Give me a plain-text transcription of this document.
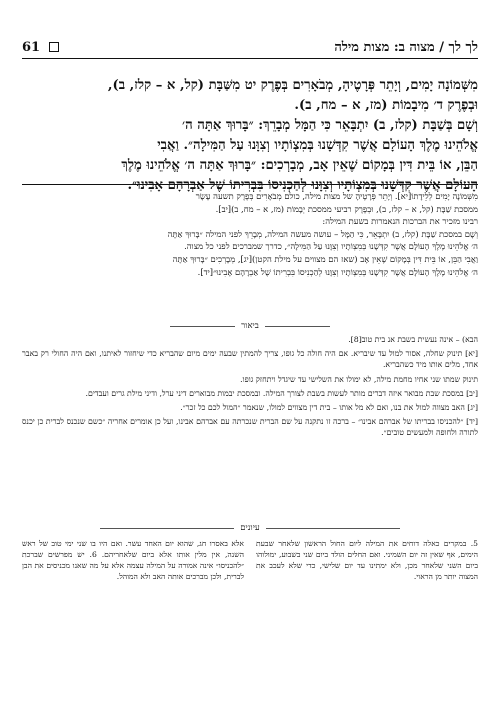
לך לך / מצוה ב: מצות מילה
61
מִשְּׁמוֹנָה יָמִים, וְיָתֵר פְּרָטֶיהָ, מְבֹאָרִים בְּפֶרֶק יט מִשַּׁבָּת (קל, א – קלז, ב),
וּבְפֶרֶק ד׳ מִיבָמוֹת (מז, א – מח, ב).
וְשָׁם בְּשַׁבָּת (קלז, ב) יִתְבָּאֵר כִּי הַמָּל מְבָרֵךְ: ״בָּרוּךְ אַתָּה ה׳
אֱלֹהֵינוּ מֶלֶךְ הָעוֹלָם אֲשֶׁר קִדְּשָׁנוּ בְּמִצְוֹתָיו וְצִוָּנוּ עַל הַמִּילָה״. וַאֲבִי
הַבֵּן, אוֹ בֵּית דִּין בְּמָקוֹם שֶׁאֵין אָב, מְבָרְכִים: ״בָּרוּךְ אַתָּה ה׳ אֱלֹהֵינוּ מֶלֶךְ
הָעוֹלָם אֲשֶׁר קִדְּשָׁנוּ בְּמִצְוֹתָיו וְצִוָּנוּ לְהַכְנִיסוֹ בִּבְרִיתוֹ שֶׁל אַבְרָהָם אָבִינוּ״.
מִשְּׁמוֹנָה יָמִים לְלֵידָתוֹ[יא]. וְיָתֵר פְּרָטֶיהָ של מצות מילה, כולם מְבֹאָרִים בְּפֶרֶק תשעה עָשָׂר
ממסכת שַׁבָּת (קל, א – קלז, ב), וּבְפֶרֶק רביעי ממסכת יְבָמוֹת (מז, א – מח, ב)[יב].
רבינו מזכיר את הברכות הנאמרות בשעת המילה:
וְשָׁם במסכת שַׁבָּת (קלז, ב) יִתְבָּאֵר, כִּי הַמָּל – עושה מעשה המילה, מְבָרֵךְ לפני המילה ״בָּרוּךְ אַתָּה
ה׳ אֱלֹהֵינוּ מֶלֶךְ הָעוֹלָם אֲשֶׁר קִדְּשָׁנוּ בְּמִצְוֹתָיו וְצִוָּנוּ עַל הַמִּילָה״, כדרך שמברכים לפני כל מצוה.
וַאֲבִי הַבֵּן, אוֹ בֵּית דִּין בְּמָקוֹם שֶׁאֵין אָב (שאז הם מצווים על מילת הקטן)[יג], מְבָרְכִים ״בָּרוּךְ אַתָּה
ה׳ אֱלֹהֵינוּ מֶלֶךְ הָעוֹלָם אֲשֶׁר קִדְּשָׁנוּ בְּמִצְוֹתָיו וְצִוָּנוּ לְהַכְנִיסוֹ בִּבְרִיתוֹ שֶׁל אַבְרָהָם אָבִינוּ״[יד].
ביאור

הבא) – אינה נעשית בשבת אנ בית טוב[8].

[יא] תינוק שחלה, אסור למול עד שיבריא. אם היה חולה כל גופו, צריך להמתין שבעה ימים מיום שהבריא כדי שיחזור לאיתנו, ואם היה החולי רק באבר אחד, מלים אותו מיד כשהבריא.

תינוק שמתו שני אחיו מחמת מילה, לא ימולו את השלישי עד שיגדל ויתחזק גופו.

[יב] במסכת שבת מבואר איזה דברים מותר לעשות בשבת לצורך המילה. ובמסכת יבמות מבוארים דיני ערל, ודיני מילת גרים ועבדים.

[יג] האב מצווה למול את בנו, ואם לא מל אותו – בית דין מצווים למולו, שנאמר ״המול לכם כל זכר״.

[יד] ״להכניסו בבריתו של אברהם אבינו״ – ברכה זו נתקנה על שם הברית שנכרתה עם אברהם אבינו, ועל כן אומרים אחריה ״כשם שנכנס לברית כן יכנס לתורה ולחופה ולמעשים טובים״.

עיונים
5. במקרים כאלה דוחים את המילה ליום החול הראשון שלאחר שבעת הימים, אף שאין זה יום השמיני. ואם החלים הולד ביום שני בשבוע, ימולוהו ביום השני שלאחר מכן, ולא ימתינו עד יום שלישי, כדי שלא לעכב את המצוה יותר מן הראוי.
אלא באסרו חג, שהוא יום האחד עשר. ואם היו בו שני ימי טוב של ראש השנה, אין מלין אותו אלא ביום שלאחריהם. 6. יש מפרשים שברכת ״להכניסו״ אינה אמורה על המילה עצמה אלא על מה שאנו מכניסים את הבן לברית, ולכן מברכים אותה האב ולא המוהל.
